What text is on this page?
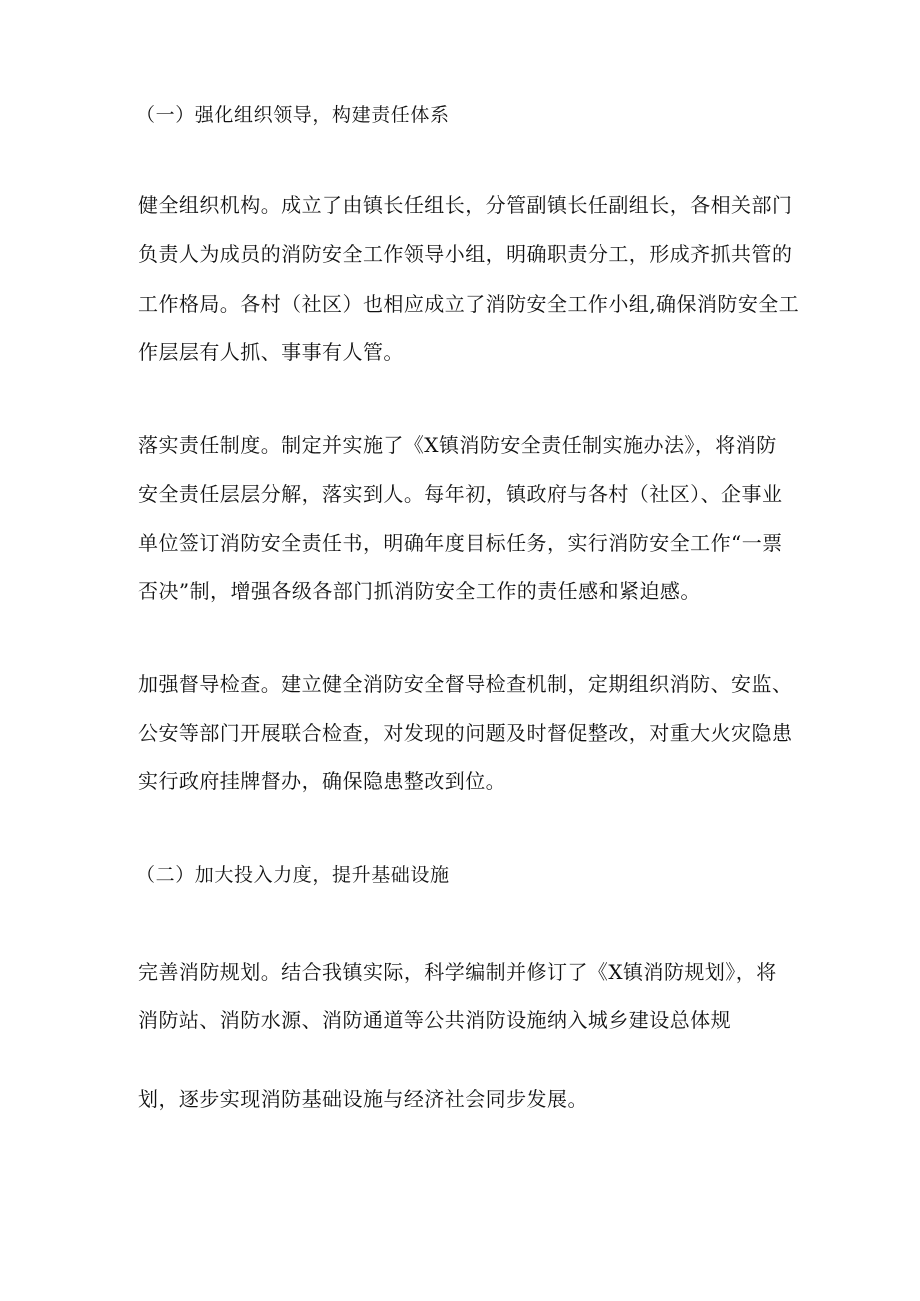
（一）强化组织领导，构建责任体系
健全组织机构。成立了由镇长任组长，分管副镇长任副组长，各相关部门
负责人为成员的消防安全工作领导小组，明确职责分工，形成齐抓共管的
工作格局。各村（社区）也相应成立了消防安全工作小组,确保消防安全工
作层层有人抓、事事有人管。
落实责任制度。制定并实施了《X镇消防安全责任制实施办法》，将消防
安全责任层层分解，落实到人。每年初，镇政府与各村（社区）、企事业
单位签订消防安全责任书，明确年度目标任务，实行消防安全工作“一票
否决”制，增强各级各部门抓消防安全工作的责任感和紧迫感。
加强督导检查。建立健全消防安全督导检查机制，定期组织消防、安监、
公安等部门开展联合检查，对发现的问题及时督促整改，对重大火灾隐患
实行政府挂牌督办，确保隐患整改到位。
（二）加大投入力度，提升基础设施
完善消防规划。结合我镇实际，科学编制并修订了《X镇消防规划》，将
消防站、消防水源、消防通道等公共消防设施纳入城乡建设总体规
划，逐步实现消防基础设施与经济社会同步发展。
